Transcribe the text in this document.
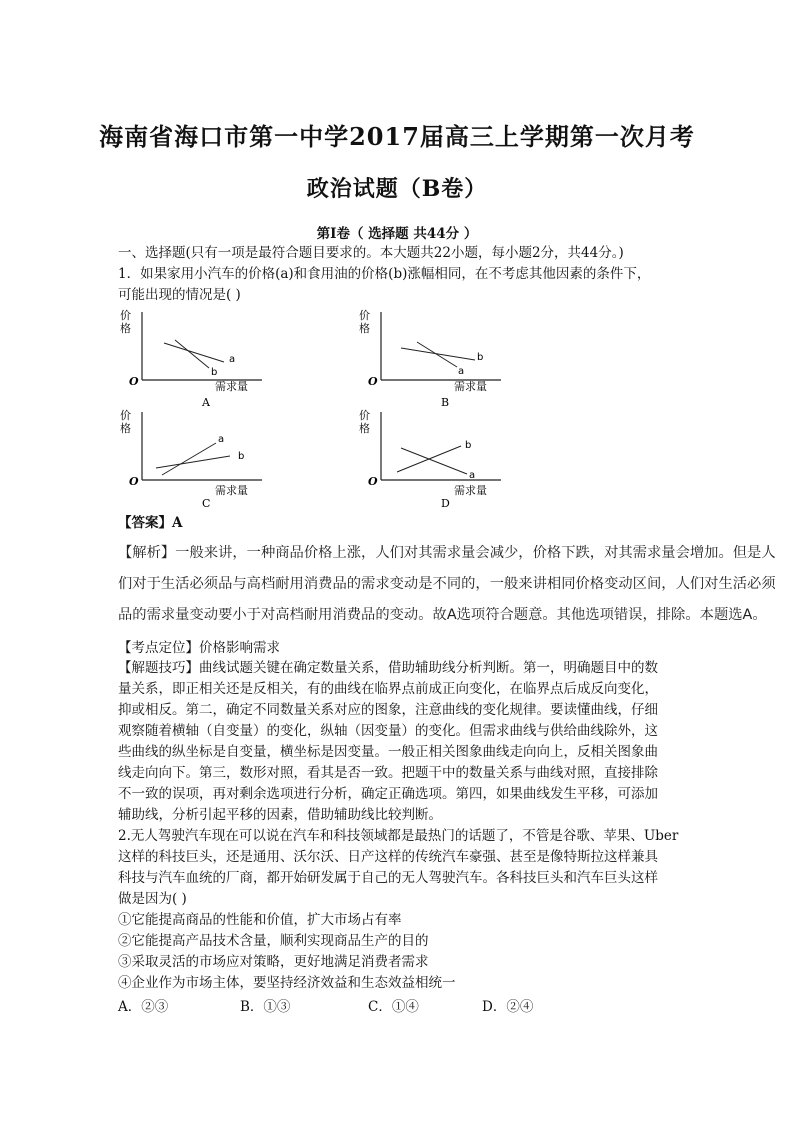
海南省海口市第一中学2017届高三上学期第一次月考
政治试题（B卷）
第Ⅰ卷（ 选择题 共44分 ）
一、选择题(只有一项是最符合题目要求的。本大题共22小题，每小题2分，共44分。)
1．如果家用小汽车的价格(a)和食用油的价格(b)涨幅相同，在不考虑其他因素的条件下，
可能出现的情况是( )
价
格
O
a
b
需求量
A
价
格
O
b
a
需求量
B
价
格
O
a
b
需求量
C
价
格
O
b
a
需求量
D
【答案】A
【解析】一般来讲，一种商品价格上涨，人们对其需求量会减少，价格下跌，对其需求量会增加。但是人
们对于生活必须品与高档耐用消费品的需求变动是不同的，一般来讲相同价格变动区间，人们对生活必须
品的需求量变动要小于对高档耐用消费品的变动。故A选项符合题意。其他选项错误，排除。本题选A。
【考点定位】价格影响需求
【解题技巧】曲线试题关键在确定数量关系，借助辅助线分析判断。第一，明确题目中的数
量关系，即正相关还是反相关，有的曲线在临界点前成正向变化，在临界点后成反向变化，
抑或相反。第二，确定不同数量关系对应的图象，注意曲线的变化规律。要读懂曲线，仔细
观察随着横轴（自变量）的变化，纵轴（因变量）的变化。但需求曲线与供给曲线除外，这
些曲线的纵坐标是自变量，横坐标是因变量。一般正相关图象曲线走向向上，反相关图象曲
线走向向下。第三，数形对照，看其是否一致。把题干中的数量关系与曲线对照，直接排除
不一致的误项，再对剩余选项进行分析，确定正确选项。第四，如果曲线发生平移，可添加
辅助线，分析引起平移的因素，借助辅助线比较判断。
2.无人驾驶汽车现在可以说在汽车和科技领域都是最热门的话题了，不管是谷歌、苹果、Uber
这样的科技巨头，还是通用、沃尔沃、日产这样的传统汽车豪强、甚至是像特斯拉这样兼具
科技与汽车血统的厂商，都开始研发属于自己的无人驾驶汽车。各科技巨头和汽车巨头这样
做是因为( )
①它能提高商品的性能和价值，扩大市场占有率
②它能提高产品技术含量，顺利实现商品生产的目的
③采取灵活的市场应对策略，更好地满足消费者需求
④企业作为市场主体，要坚持经济效益和生态效益相统一
A．②③	B．①③	C．①④	D．②④
